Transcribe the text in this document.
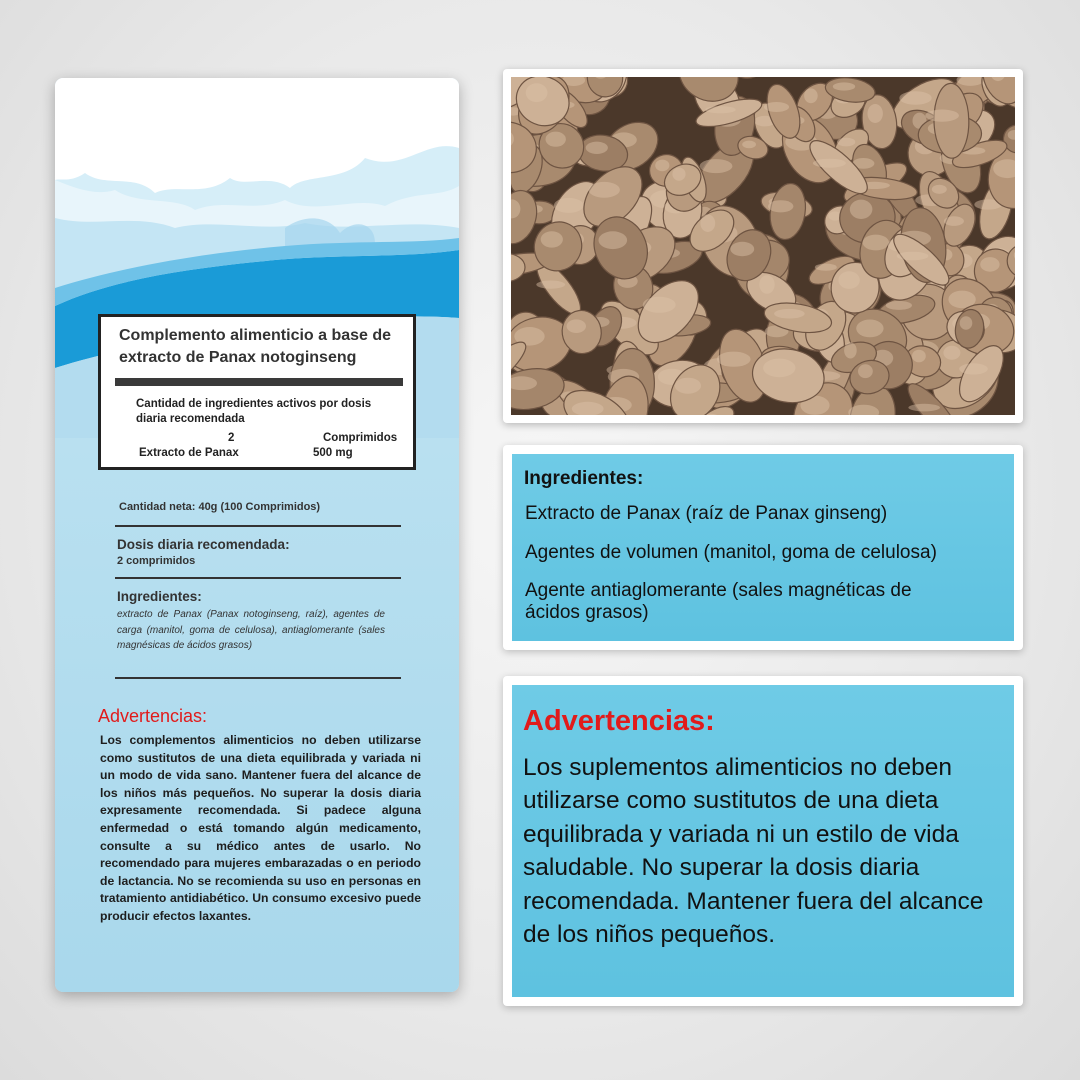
Complemento alimenticio a base de extracto de Panax notoginseng
Cantidad de ingredientes activos por dosis diaria recomendada
2	Comprimidos
Extracto de Panax	500 mg
Cantidad neta: 40g (100 Comprimidos)
Dosis diaria recomendada:
2 comprimidos
Ingredientes:
extracto de Panax (Panax notoginseng, raíz), agentes de carga (manitol, goma de celulosa), antiaglomerante (sales magnésicas de ácidos grasos)
Advertencias:
Los complementos alimenticios no deben utilizarse como sustitutos de una dieta equilibrada y variada ni un modo de vida sano. Mantener fuera del alcance de los niños más pequeños. No superar la dosis diaria expresamente recomendada. Si padece alguna enfermedad o está tomando algún medicamento, consulte a su médico antes de usarlo. No recomendado para mujeres embarazadas o en periodo de lactancia. No se recomienda su uso en personas en tratamiento antidiabético. Un consumo excesivo puede producir efectos laxantes.
Ingredientes:
Extracto de Panax (raíz de Panax ginseng)
Agentes de volumen (manitol, goma de celulosa)
Agente antiaglomerante (sales magnéticas de ácidos grasos)
Advertencias:
Los suplementos alimenticios no deben utilizarse como sustitutos de una dieta equilibrada y variada ni un estilo de vida saludable. No superar la dosis diaria recomendada. Mantener fuera del alcance de los niños pequeños.
